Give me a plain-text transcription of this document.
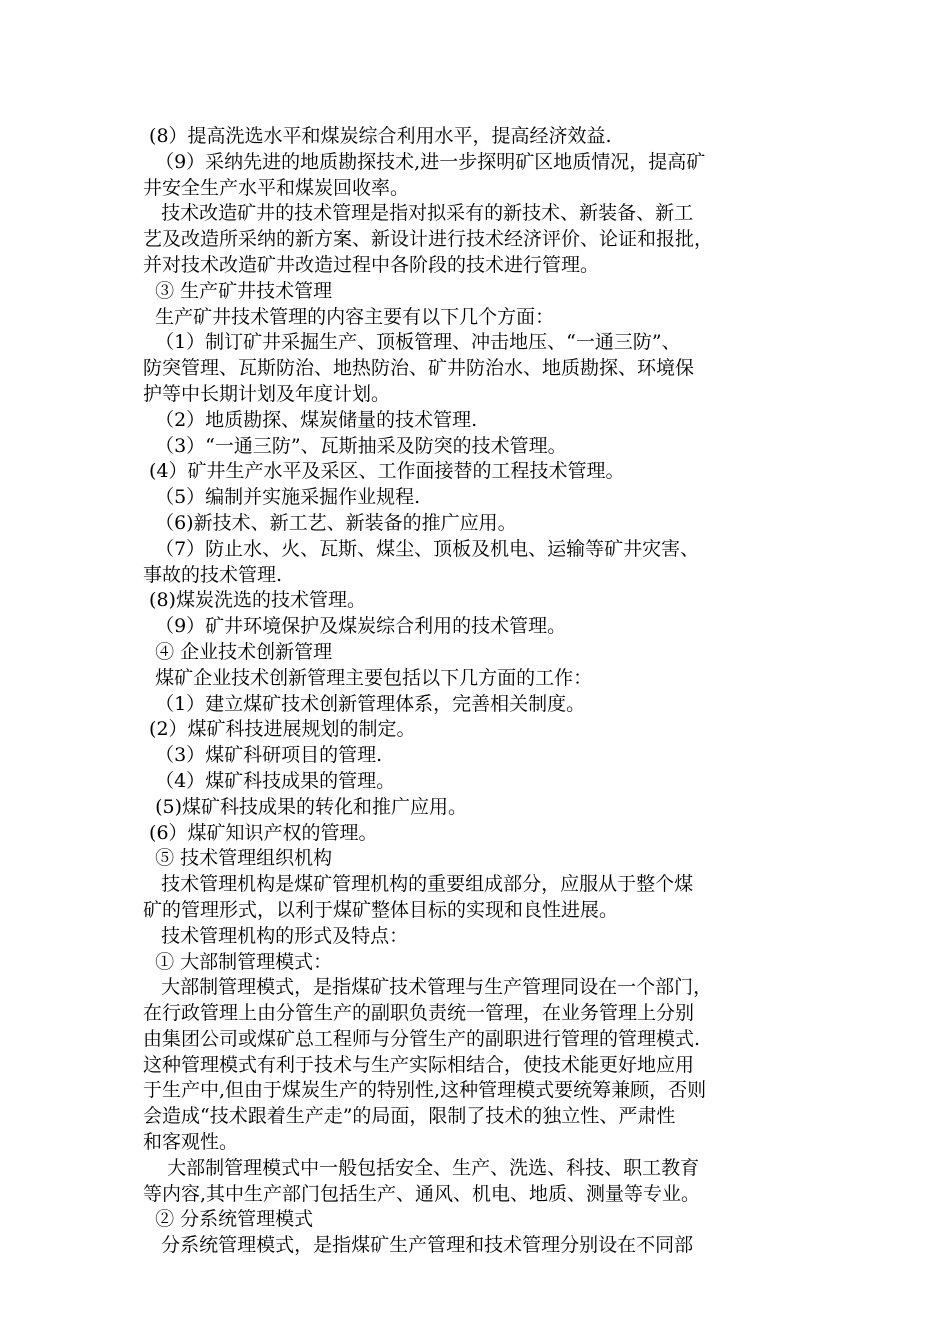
(8）提高洗选水平和煤炭综合利用水平，提高经济效益.
（9）采纳先进的地质勘探技术,进一步探明矿区地质情况，提高矿
井安全生产水平和煤炭回收率。
技术改造矿井的技术管理是指对拟采有的新技术、新装备、新工
艺及改造所采纳的新方案、新设计进行技术经济评价、论证和报批，
并对技术改造矿井改造过程中各阶段的技术进行管理。
③ 生产矿井技术管理
生产矿井技术管理的内容主要有以下几个方面：
（1）制订矿井采掘生产、顶板管理、冲击地压、“一通三防”、
防突管理、瓦斯防治、地热防治、矿井防治水、地质勘探、环境保
护等中长期计划及年度计划。
（2）地质勘探、煤炭储量的技术管理.
（3）“一通三防”、瓦斯抽采及防突的技术管理。
(4）矿井生产水平及采区、工作面接替的工程技术管理。
（5）编制并实施采掘作业规程.
（6)新技术、新工艺、新装备的推广应用。
（7）防止水、火、瓦斯、煤尘、顶板及机电、运输等矿井灾害、
事故的技术管理.
(8)煤炭洗选的技术管理。
（9）矿井环境保护及煤炭综合利用的技术管理。
④ 企业技术创新管理
煤矿企业技术创新管理主要包括以下几方面的工作：
（1）建立煤矿技术创新管理体系，完善相关制度。
(2）煤矿科技进展规划的制定。
（3）煤矿科研项目的管理.
（4）煤矿科技成果的管理。
(5)煤矿科技成果的转化和推广应用。
(6）煤矿知识产权的管理。
⑤ 技术管理组织机构
技术管理机构是煤矿管理机构的重要组成部分，应服从于整个煤
矿的管理形式，以利于煤矿整体目标的实现和良性进展。
技术管理机构的形式及特点：
① 大部制管理模式：
大部制管理模式，是指煤矿技术管理与生产管理同设在一个部门，
在行政管理上由分管生产的副职负责统一管理，在业务管理上分别
由集团公司或煤矿总工程师与分管生产的副职进行管理的管理模式.
这种管理模式有利于技术与生产实际相结合，使技术能更好地应用
于生产中,但由于煤炭生产的特别性,这种管理模式要统筹兼顾，否则
会造成“技术跟着生产走”的局面，限制了技术的独立性、严肃性
和客观性。
大部制管理模式中一般包括安全、生产、洗选、科技、职工教育
等内容,其中生产部门包括生产、通风、机电、地质、测量等专业。
② 分系统管理模式
分系统管理模式，是指煤矿生产管理和技术管理分别设在不同部
